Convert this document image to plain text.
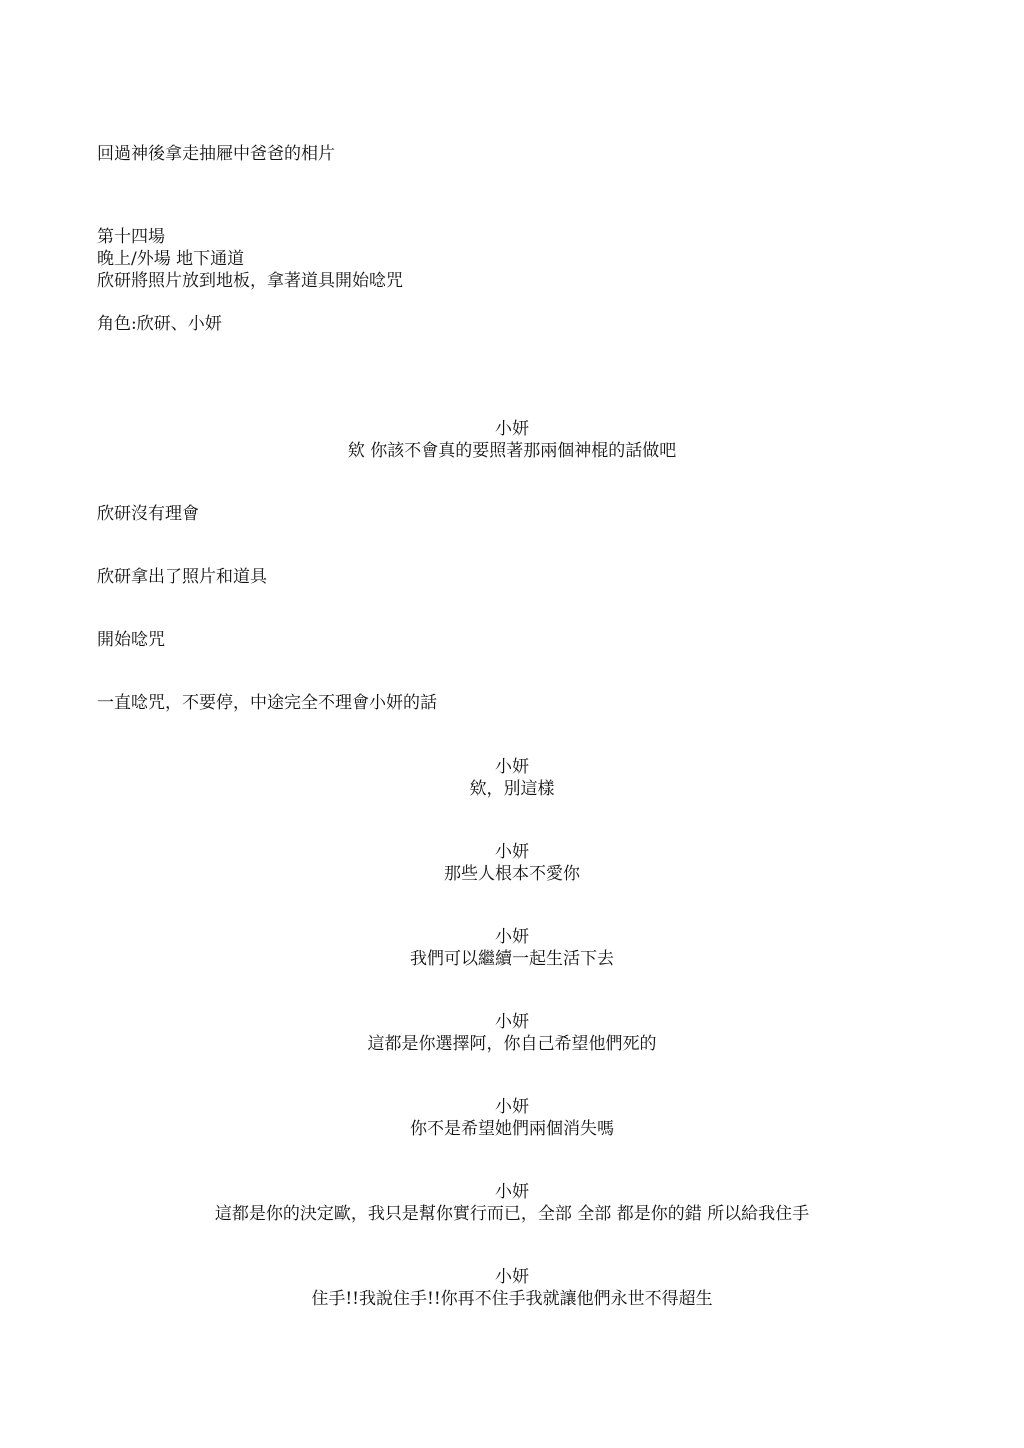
回過神後拿走抽屜中爸爸的相片
第十四場
晚上/外場 地下通道
欣研將照片放到地板，拿著道具開始唸咒
角色:欣研、小妍
小妍
欸 你該不會真的要照著那兩個神棍的話做吧
欣研沒有理會
欣研拿出了照片和道具
開始唸咒
一直唸咒，不要停，中途完全不理會小妍的話
小妍
欸，別這樣
小妍
那些人根本不愛你
小妍
我們可以繼續一起生活下去
小妍
這都是你選擇阿，你自己希望他們死的
小妍
你不是希望她們兩個消失嗎
小妍
這都是你的決定歐，我只是幫你實行而已，全部 全部 都是你的錯 所以給我住手
小妍
住手!!我說住手!!你再不住手我就讓他們永世不得超生
